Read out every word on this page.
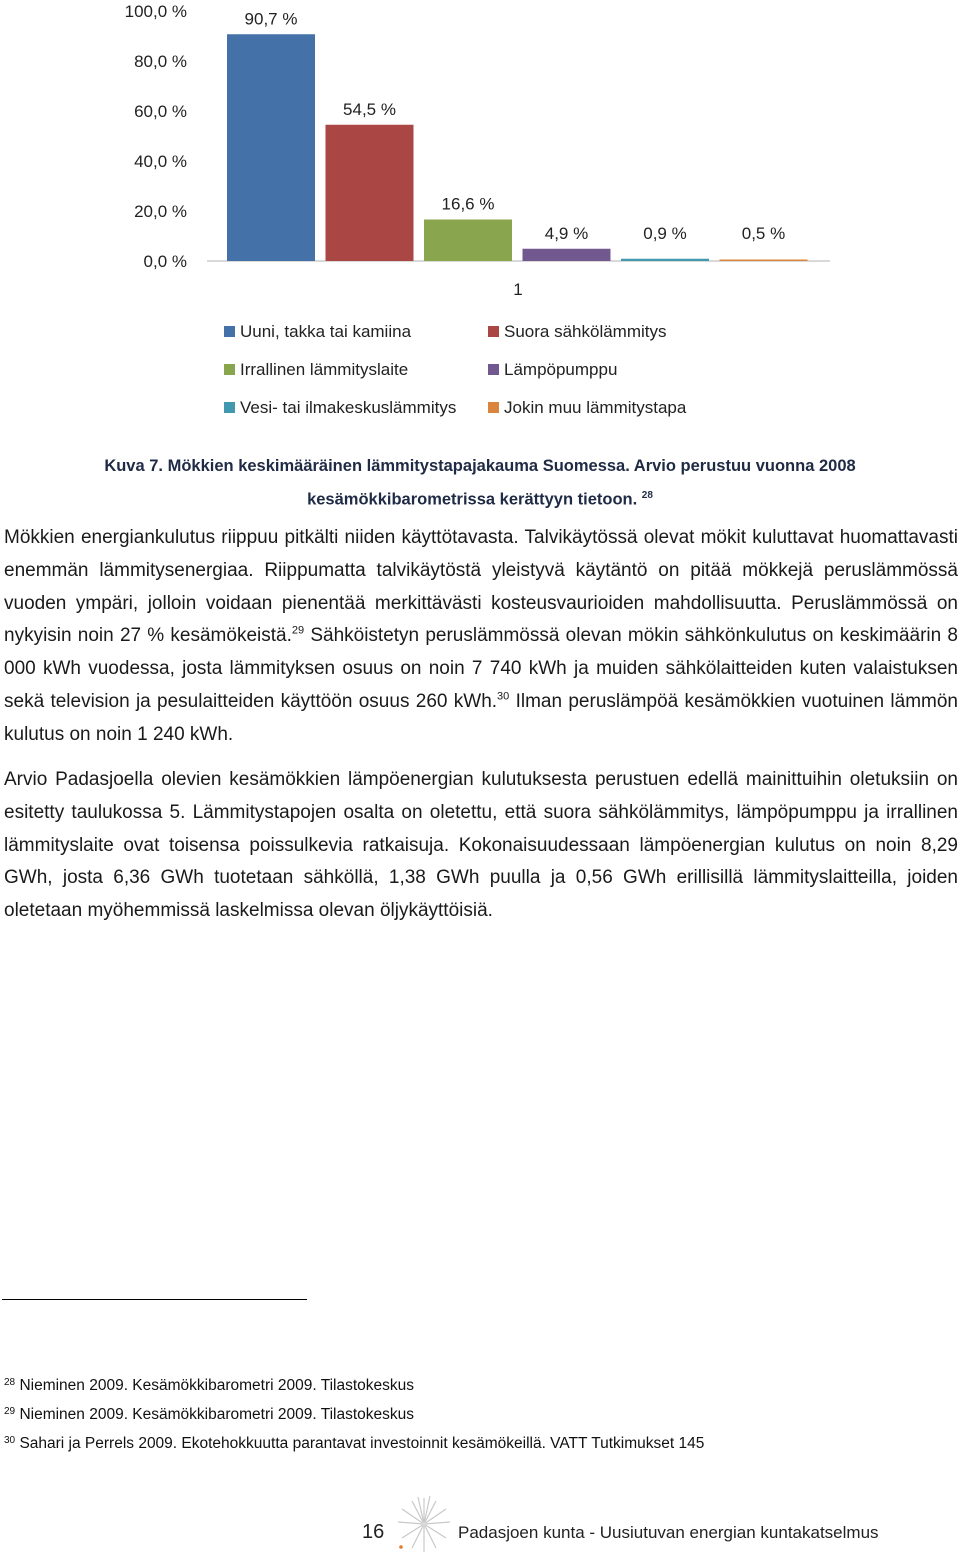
100,0 %
80,0 %
60,0 %
40,0 %
20,0 %
0,0 %
90,7 %
54,5 %
16,6 %
4,9 %	0,9 %	0,5 %
1
Uuni, takka tai kamiina	Suora sähkölämmitys
Irrallinen lämmityslaite	Lämpöpumppu
Vesi- tai ilmakeskuslämmitys	Jokin muu lämmitystapa
Kuva 7. Mökkien keskimääräinen lämmitystapajakauma Suomessa. Arvio perustuu vuonna 2008
kesämökkibarometrissa kerättyyn tietoon. $^{28}$

Mökkien energiankulutus riippuu pitkälti niiden käyttötavasta. Talvikäytössä olevat mökit kuluttavat huomattavasti enemmän lämmitysenergiaa. Riippumatta talvikäytöstä yleistyvä käytäntö on pitää mökkejä peruslämmössä vuoden ympäri, jolloin voidaan pienentää merkittävästi kosteusvaurioiden mahdollisuutta. Peruslämmössä on nykyisin noin 27 % kesämökeistä.$^{29}$ Sähköistetyn peruslämmössä olevan mökin sähkönkulutus on keskimäärin 8 000 kWh vuodessa, josta lämmityksen osuus on noin 7 740 kWh ja muiden sähkölaitteiden kuten valaistuksen sekä television ja pesulaitteiden käyttöön osuus 260 kWh.$^{30}$ Ilman peruslämpöä kesämökkien vuotuinen lämmön kulutus on noin 1 240 kWh.

Arvio Padasjoella olevien kesämökkien lämpöenergian kulutuksesta perustuen edellä mainittuihin oletuksiin on esitetty taulukossa 5. Lämmitystapojen osalta on oletettu, että suora sähkölämmitys, lämpöpumppu ja irrallinen lämmityslaite ovat toisensa poissulkevia ratkaisuja. Kokonaisuudessaan lämpöenergian kulutus on noin 8,29 GWh, josta 6,36 GWh tuotetaan sähköllä, 1,38 GWh puulla ja 0,56 GWh erillisillä lämmityslaitteilla, joiden oletetaan myöhemmissä laskelmissa olevan öljykäyttöisiä.

$^{28}$ Nieminen 2009. Kesämökkibarometri 2009. Tilastokeskus
$^{29}$ Nieminen 2009. Kesämökkibarometri 2009. Tilastokeskus
$^{30}$ Sahari ja Perrels 2009. Ekotehokkuutta parantavat investoinnit kesämökeillä. VATT Tutkimukset 145
16	Padasjoen kunta - Uusiutuvan energian kuntakatselmus
